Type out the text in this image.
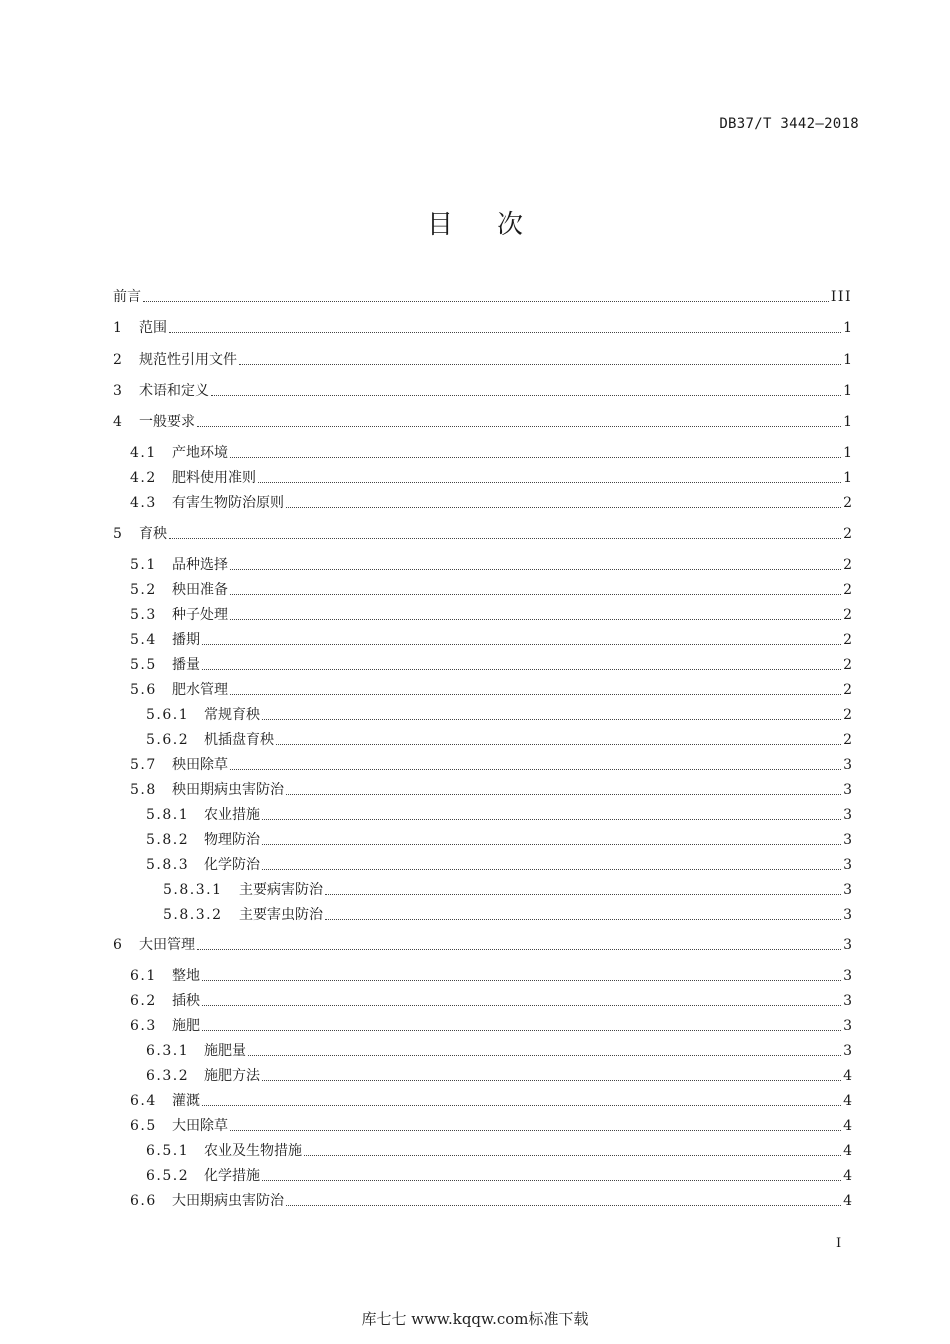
DB37/T 3442—2018
目 次
前言	III
1	范围	1
2	规范性引用文件	1
3	术语和定义	1
4	一般要求	1
4.1	产地环境	1
4.2	肥料使用准则	1
4.3	有害生物防治原则	2
5	育秧	2
5.1	品种选择	2
5.2	秧田准备	2
5.3	种子处理	2
5.4	播期	2
5.5	播量	2
5.6	肥水管理	2
5.6.1	常规育秧	2
5.6.2	机插盘育秧	2
5.7	秧田除草	3
5.8	秧田期病虫害防治	3
5.8.1	农业措施	3
5.8.2	物理防治	3
5.8.3	化学防治	3
5.8.3.1	主要病害防治	3
5.8.3.2	主要害虫防治	3
6	大田管理	3
6.1	整地	3
6.2	插秧	3
6.3	施肥	3
6.3.1	施肥量	3
6.3.2	施肥方法	4
6.4	灌溉	4
6.5	大田除草	4
6.5.1	农业及生物措施	4
6.5.2	化学措施	4
6.6	大田期病虫害防治	4
I
库七七 www.kqqw.com标准下载
